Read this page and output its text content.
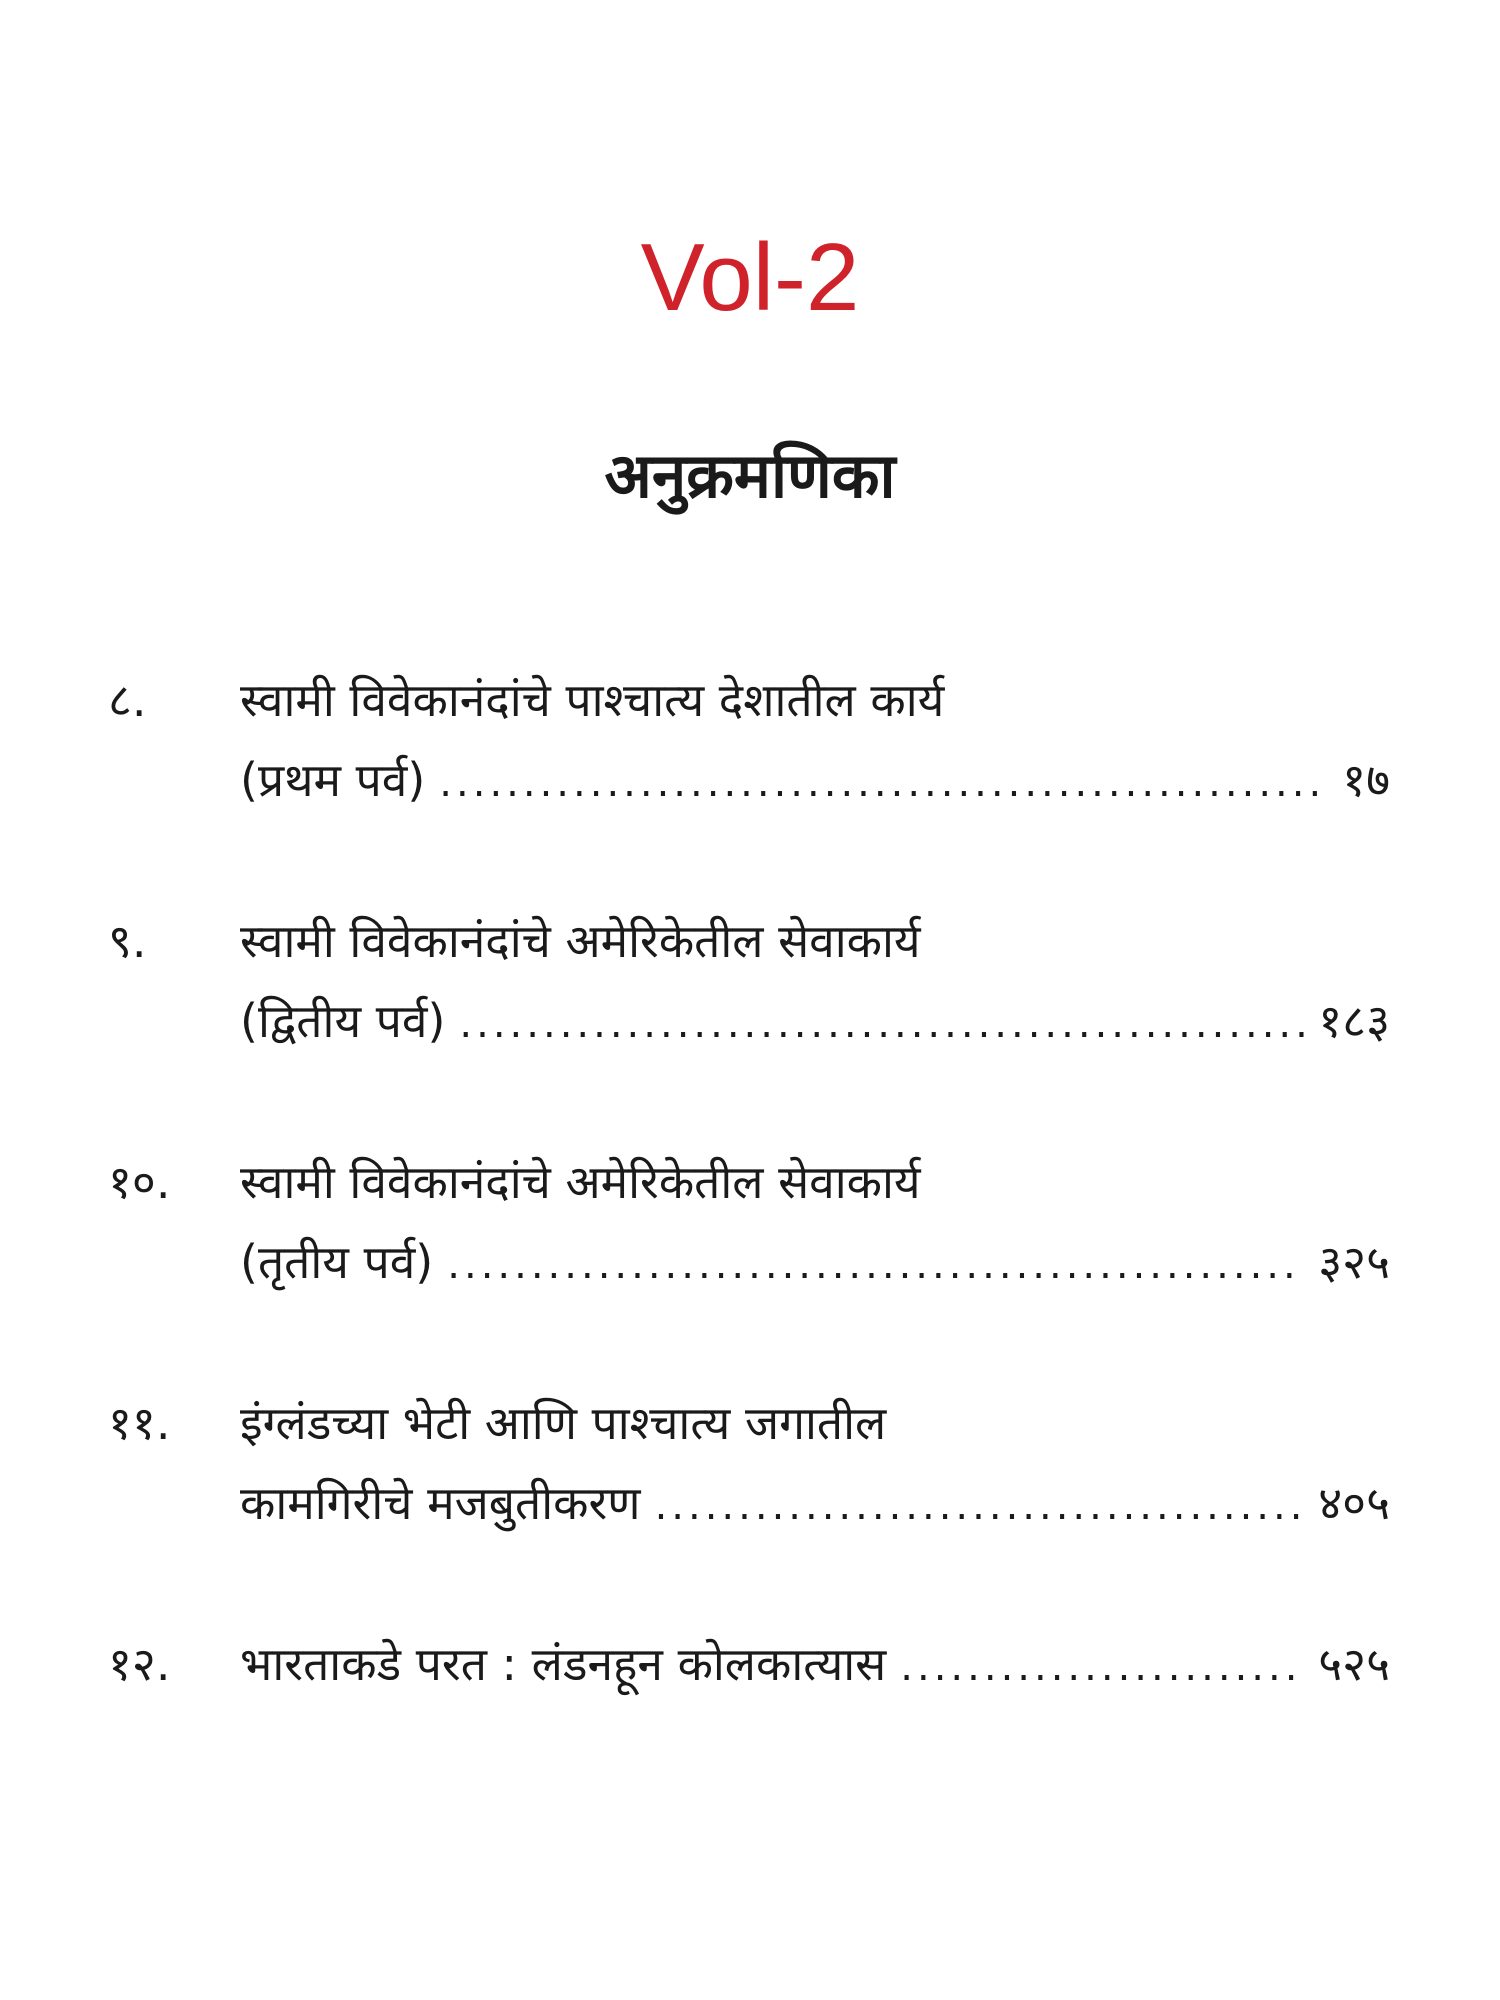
Vol-2
अनुक्रमणिका
८.	स्वामी विवेकानंदांचे पाश्चात्य देशातील कार्य
(प्रथम पर्व) .....	१७
९.	स्वामी विवेकानंदांचे अमेरिकेतील सेवाकार्य
(द्वितीय पर्व) .....	१८३
१०.	स्वामी विवेकानंदांचे अमेरिकेतील सेवाकार्य
(तृतीय पर्व) .....	३२५
११.	इंग्लंडच्या भेटी आणि पाश्चात्य जगातील
कामगिरीचे मजबुतीकरण .....	४०५
१२.	भारताकडे परत : लंडनहून कोलकात्यास .....	५२५
